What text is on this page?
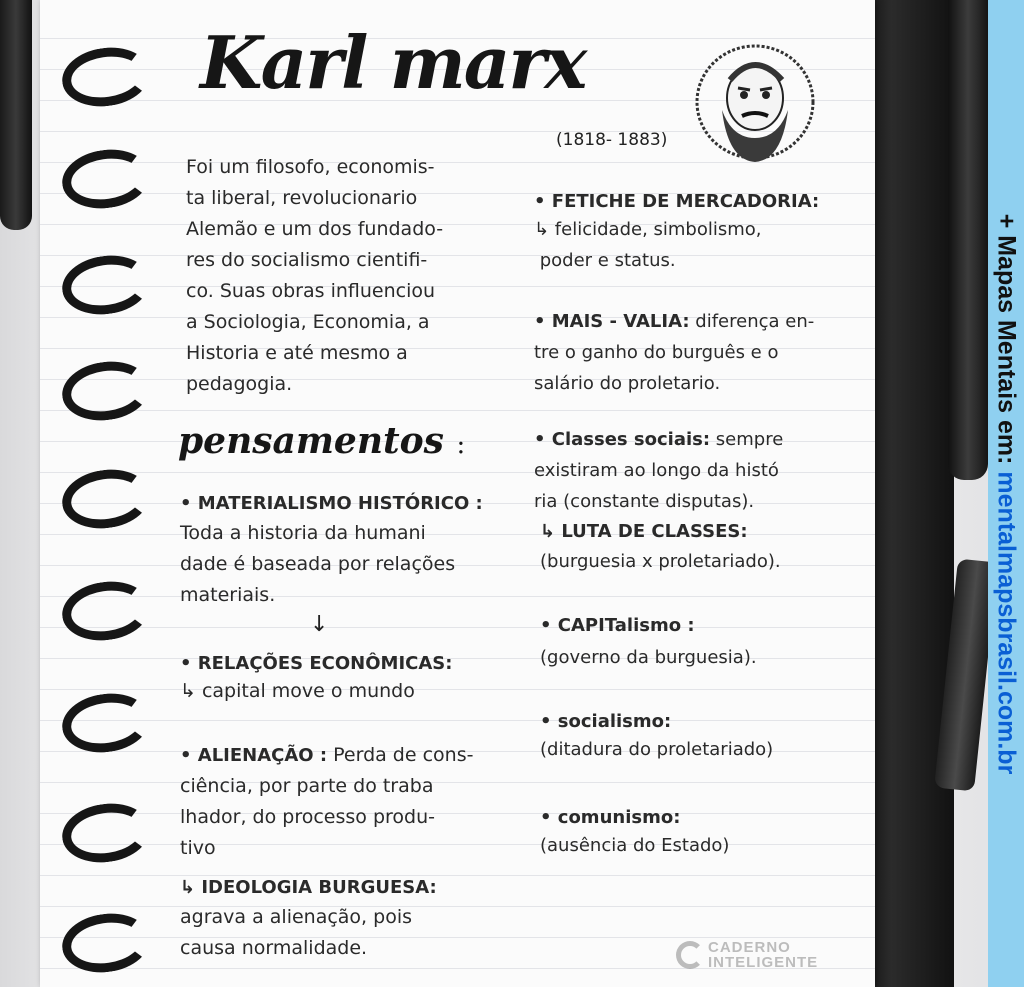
Karl marx
(1818- 1883)
Foi um filosofo, economis-
ta liberal, revolucionario
Alemão e um dos fundado-
res do socialismo cientifi-
co. Suas obras influenciou
a Sociologia, Economia, a
Historia e até mesmo a
pedagogia.
pensamentos :
• MATERIALISMO HISTÓRICO :
Toda a historia da humani
dade é baseada por relações
materiais.
↓
• RELAÇÕES ECONÔMICAS:
↳ capital move o mundo
• ALIENAÇÃO : Perda de cons-
ciência, por parte do traba
lhador, do processo produ-
tivo
↳ IDEOLOGIA BURGUESA:
agrava a alienação, pois
causa normalidade.
• FETICHE DE MERCADORIA:
↳ felicidade, simbolismo,
poder e status.
• MAIS - VALIA: diferença en-
tre o ganho do burguês e o
salário do proletario.
• Classes sociais: sempre
existiram ao longo da histó
ria (constante disputas).
↳ LUTA DE CLASSES:
(burguesia x proletariado).
• CAPITalismo :
(governo da burguesia).
• socialismo:
(ditadura do proletariado)
• comunismo:
(ausência do Estado)
CADERNO
INTELIGENTE
+ Mapas Mentais em: mentalmapsbrasil.com.br
